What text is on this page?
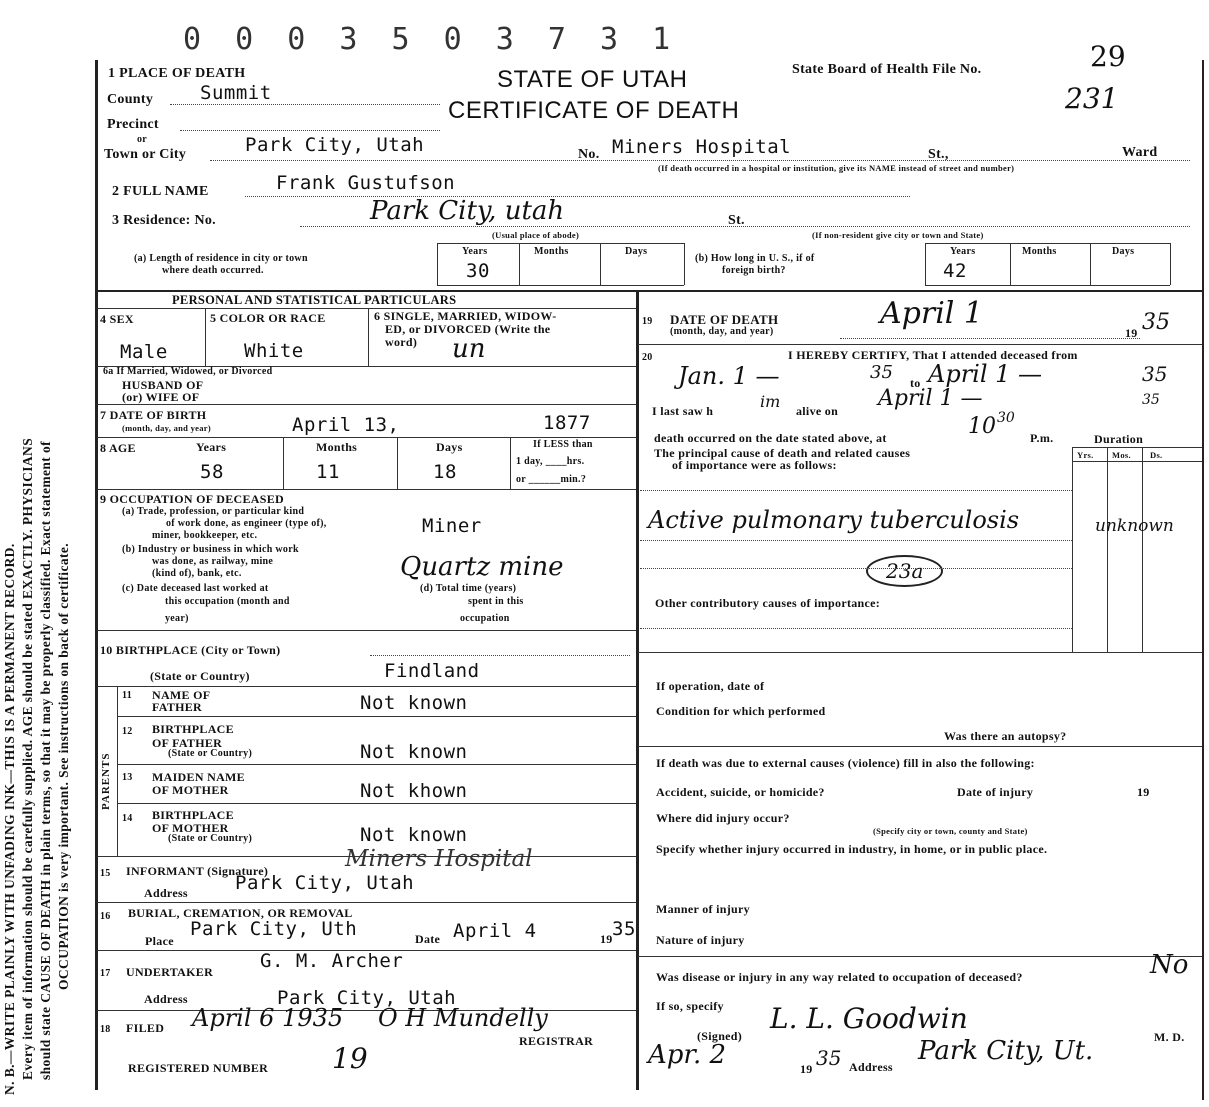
N. B.—WRITE PLAINLY WITH UNFADING INK—THIS IS A PERMANENT RECORD. Every item of information should be carefully supplied. AGE should be stated EXACTLY. PHYSICIANS should state CAUSE OF DEATH in plain terms, so that it may be properly classified. Exact statement of OCCUPATION is very important. See instructions on back of certificate.
0 0 0 3 5 0 3 7 3 1
STATE OF UTAH
CERTIFICATE OF DEATH
State Board of Health File No.	29
231
1 PLACE OF DEATH
County Summit
Precinct
or
Town or City	Park City, Utah	No. Miners Hospital	St.,	Ward
(If death occurred in a hospital or institution, give its NAME instead of street and number)
2 FULL NAME	Frank Gustufson
3 Residence: No.	Park City, utah	St.
(Usual place of abode)	(If non-resident give city or town and State)
(a) Length of residence in city or town
where death occurred.
Years	Months	Days
30
(b) How long in U. S., if of
foreign birth?
Years	Months	Days
42
PERSONAL AND STATISTICAL PARTICULARS
4 SEX
Male
5 COLOR OR RACE
White
6 SINGLE, MARRIED, WIDOW-
ED, or DIVORCED (Write the
word) un
6a If Married, Widowed, or Divorced
HUSBAND OF
(or) WIFE OF
7 DATE OF BIRTH
(month, day, and year)	April 13,	1877
8 AGE	Years	Months	Days
58	11	18
If LESS than
1 day, ____hrs.
or ______min.?
9 OCCUPATION OF DECEASED
(a) Trade, profession, or particular kind
of work done, as engineer (type of),
miner, bookkeeper, etc.	Miner
(b) Industry or business in which work
was done, as railway, mine
(kind of), bank, etc.	Quartz mine
(c) Date deceased last worked at
this occupation (month and
year)
(d) Total time (years)
spent in this
occupation
10 BIRTHPLACE (City or Town)
(State or Country)	Findland
PARENTS
11 NAME OF
FATHER	Not known
12 BIRTHPLACE
OF FATHER
(State or Country)	Not known
13 MAIDEN NAME
OF MOTHER	Not khown
14 BIRTHPLACE
OF MOTHER
(State or Country)	Not known
15 INFORMANT (Signature)	Miners Hospital
Address Park City, Utah
16 BURIAL, CREMATION, OR REMOVAL
Place
Park City, Uth	Date April 4	19 35
17 UNDERTAKER G. M. Archer
Address	Park City, Utah
18 FILED April 6 1935 O H Mundelly
REGISTRAR
REGISTERED NUMBER 19
19 DATE OF DEATH
(month, day, and year)
April 1
19 35
20	I HEREBY CERTIFY, That I attended deceased from
Jan. 1 —	35 to April 1 —	35
I last saw h	im alive on April 1 —	35
death occurred on the date stated above, at	10 30
P.m.
The principal cause of death and related causes
of importance were as follows:
Duration
Yrs. Mos. Ds.
Active pulmonary tuberculosis	unknown
23a
Other contributory causes of importance:
If operation, date of
Condition for which performed
Was there an autopsy?
If death was due to external causes (violence) fill in also the following:
Accident, suicide, or homicide?	Date of injury	19
Where did injury occur?
(Specify city or town, county and State)
Specify whether injury occurred in industry, in home, or in public place.
Manner of injury
Nature of injury
Was disease or injury in any way related to occupation of deceased?	No
If so, specify
(Signed)
L. L. Goodwin
M. D.
Apr. 2	19 35 Address
Park City, Ut.
